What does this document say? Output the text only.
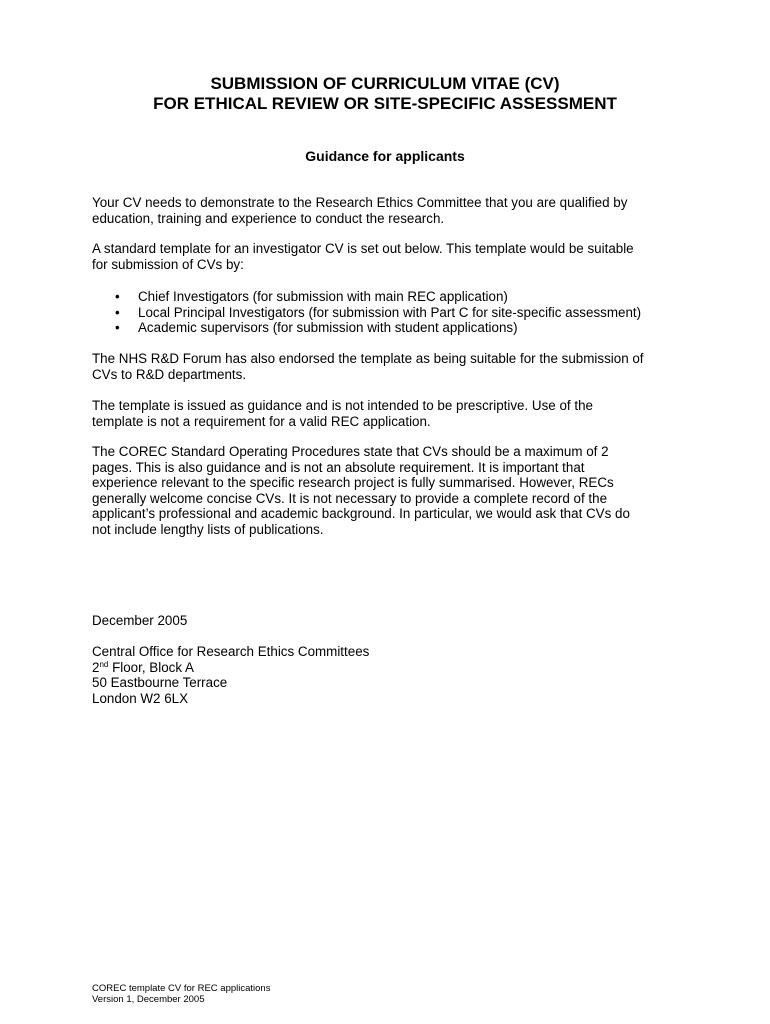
SUBMISSION OF CURRICULUM VITAE (CV)
FOR ETHICAL REVIEW OR SITE-SPECIFIC ASSESSMENT
Guidance for applicants
Your CV needs to demonstrate to the Research Ethics Committee that you are qualified by
education, training and experience to conduct the research.
A standard template for an investigator CV is set out below. This template would be suitable
for submission of CVs by:
• Chief Investigators (for submission with main REC application)
• Local Principal Investigators (for submission with Part C for site-specific assessment)
• Academic supervisors (for submission with student applications)
The NHS R&D Forum has also endorsed the template as being suitable for the submission of
CVs to R&D departments.
The template is issued as guidance and is not intended to be prescriptive. Use of the
template is not a requirement for a valid REC application.
The COREC Standard Operating Procedures state that CVs should be a maximum of 2
pages. This is also guidance and is not an absolute requirement. It is important that
experience relevant to the specific research project is fully summarised. However, RECs
generally welcome concise CVs. It is not necessary to provide a complete record of the
applicant’s professional and academic background. In particular, we would ask that CVs do
not include lengthy lists of publications.
December 2005
Central Office for Research Ethics Committees
2nd Floor, Block A
50 Eastbourne Terrace
London W2 6LX
COREC template CV for REC applications
Version 1, December 2005
